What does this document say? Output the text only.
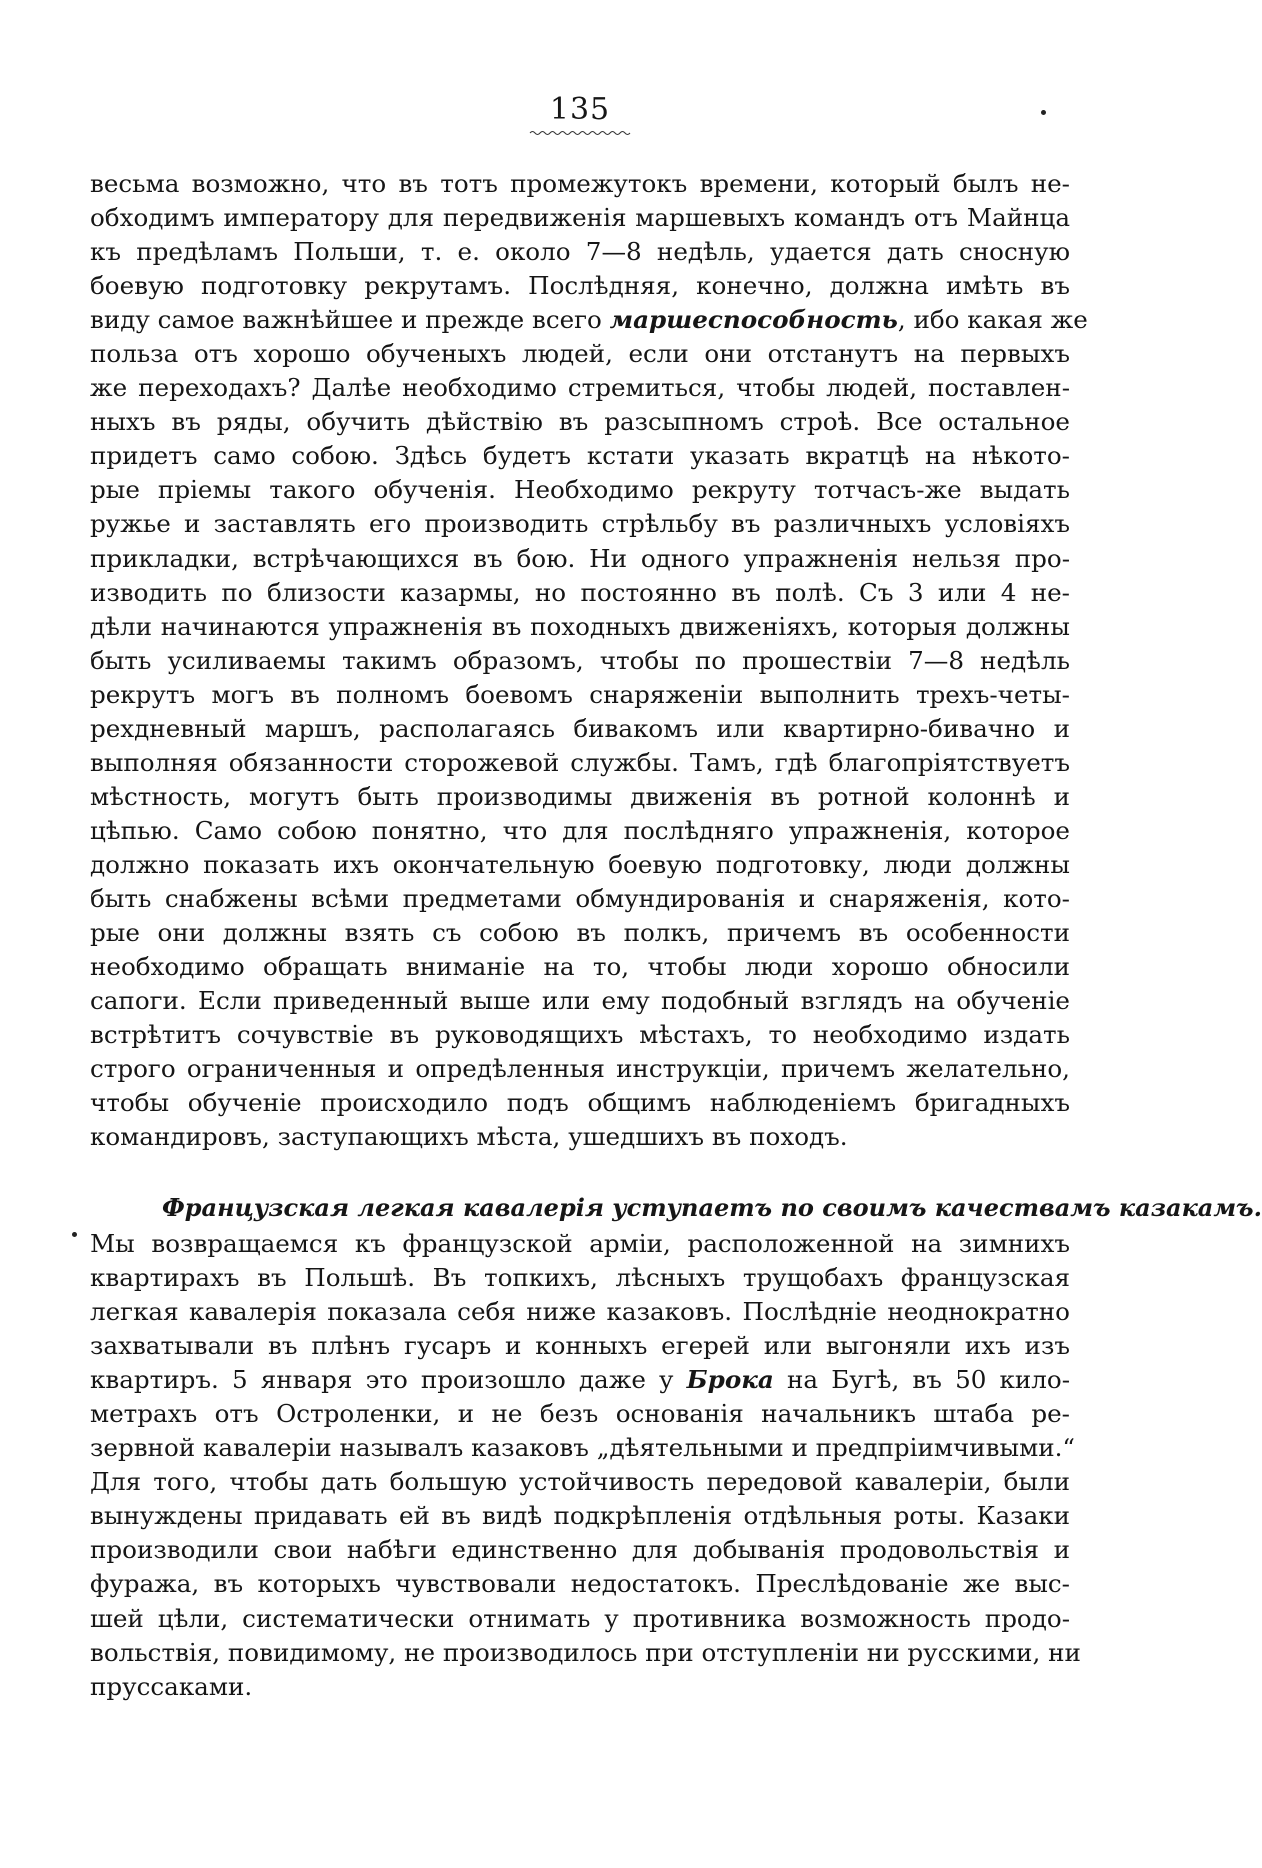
135
весьма возможно, что въ тотъ промежутокъ времени, который былъ не-
обходимъ императору для передвиженія маршевыхъ командъ отъ Майнца
къ предѣламъ Польши, т. е. около 7—8 недѣль, удается дать сносную
боевую подготовку рекрутамъ. Послѣдняя, конечно, должна имѣть въ
виду самое важнѣйшее и прежде всего маршеспособность, ибо какая же
польза отъ хорошо обученыхъ людей, если они отстанутъ на первыхъ
же переходахъ? Далѣе необходимо стремиться, чтобы людей, поставлен-
ныхъ въ ряды, обучить дѣйствію въ разсыпномъ строѣ. Все остальное
придетъ само собою. Здѣсь будетъ кстати указать вкратцѣ на нѣкото-
рые пріемы такого обученія. Необходимо рекруту тотчасъ-же выдать
ружье и заставлять его производить стрѣльбу въ различныхъ условіяхъ
прикладки, встрѣчающихся въ бою. Ни одного упражненія нельзя про-
изводить по близости казармы, но постоянно въ полѣ. Съ 3 или 4 не-
дѣли начинаются упражненія въ походныхъ движеніяхъ, которыя должны
быть усиливаемы такимъ образомъ, чтобы по прошествіи 7—8 недѣль
рекрутъ могъ въ полномъ боевомъ снаряженіи выполнить трехъ-четы-
рехдневный маршъ, располагаясь бивакомъ или квартирно-бивачно и
выполняя обязанности сторожевой службы. Тамъ, гдѣ благопріятствуетъ
мѣстность, могутъ быть производимы движенія въ ротной колоннѣ и
цѣпью. Само собою понятно, что для послѣдняго упражненія, которое
должно показать ихъ окончательную боевую подготовку, люди должны
быть снабжены всѣми предметами обмундированія и снаряженія, кото-
рые они должны взять съ собою въ полкъ, причемъ въ особенности
необходимо обращать вниманіе на то, чтобы люди хорошо обносили
сапоги. Если приведенный выше или ему подобный взглядъ на обученіе
встрѣтитъ сочувствіе въ руководящихъ мѣстахъ, то необходимо издать
строго ограниченныя и опредѣленныя инструкціи, причемъ желательно,
чтобы обученіе происходило подъ общимъ наблюденіемъ бригадныхъ
командировъ, заступающихъ мѣста, ушедшихъ въ походъ.
Французская легкая кавалерія уступаетъ по своимъ качествамъ казакамъ.
Мы возвращаемся къ французской арміи, расположенной на зимнихъ
квартирахъ въ Польшѣ. Въ топкихъ, лѣсныхъ трущобахъ французская
легкая кавалерія показала себя ниже казаковъ. Послѣдніе неоднократно
захватывали въ плѣнъ гусаръ и конныхъ егерей или выгоняли ихъ изъ
квартиръ. 5 января это произошло даже у Брока на Бугѣ, въ 50 кило-
метрахъ отъ Остроленки, и не безъ основанія начальникъ штаба ре-
зервной кавалеріи называлъ казаковъ „дѣятельными и предпріимчивыми.“
Для того, чтобы дать большую устойчивость передовой кавалеріи, были
вынуждены придавать ей въ видѣ подкрѣпленія отдѣльныя роты. Казаки
производили свои набѣги единственно для добыванія продовольствія и
фуража, въ которыхъ чувствовали недостатокъ. Преслѣдованіе же выс-
шей цѣли, систематически отнимать у противника возможность продо-
вольствія, повидимому, не производилось при отступленіи ни русскими, ни
пруссаками.
